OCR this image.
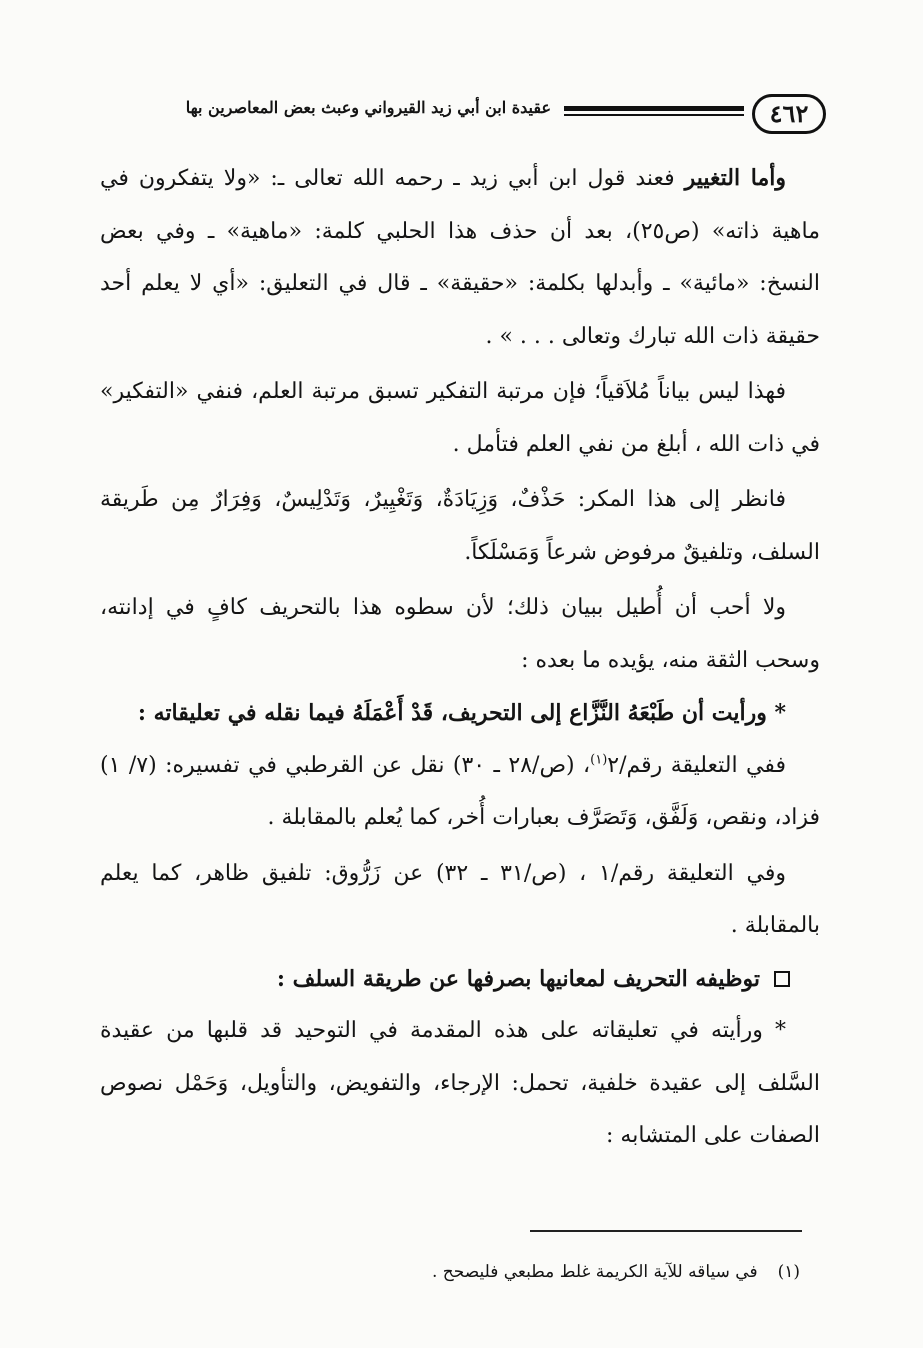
٤٦٢
عقيدة ابن أبي زيد القيرواني وعبث بعض المعاصرين بها

وأما التغيير فعند قول ابن أبي زيد ـ رحمه الله تعالى ـ: «ولا يتفكرون في ماهية ذاته» (ص٢٥)، بعد أن حذف هذا الحلبي كلمة: «ماهية» ـ وفي بعض النسخ: «مائية» ـ وأبدلها بكلمة: «حقيقة» ـ قال في التعليق: «أي لا يعلم أحد حقيقة ذات الله تبارك وتعالى . . . » .

فهذا ليس بياناً مُلاَقياً؛ فإن مرتبة التفكير تسبق مرتبة العلم، فنفي «التفكير» في ذات الله ، أبلغ من نفي العلم فتأمل .

فانظر إلى هذا المكر: حَذْفٌ، وَزِيَادَةٌ، وَتَغْيِيرٌ، وَتَدْلِيسٌ، وَفِرَارٌ مِن طَريقة السلف، وتلفيقٌ مرفوض شرعاً وَمَسْلَكاً.

ولا أحب أن أُطيل ببيان ذلك؛ لأن سطوه هذا بالتحريف كافٍ في إدانته، وسحب الثقة منه، يؤيده ما بعده :

* ورأيت أن طَبْعَهُ النَّزَّاع إلى التحريف، قَدْ أَعْمَلَهُ فيما نقله في تعليقاته :

ففي التعليقة رقم/٢$^{(١)}$، (ص/٢٨ ـ ٣٠) نقل عن القرطبي في تفسيره: (٧/ ١) فزاد، ونقص، وَلَفَّق، وَتَصَرَّف بعبارات أُخر، كما يُعلم بالمقابلة .

وفي التعليقة رقم/١ ، (ص/٣١ ـ ٣٢) عن زَرُّوق: تلفيق ظاهر، كما يعلم بالمقابلة .

توظيفه التحريف لمعانيها بصرفها عن طريقة السلف :

* ورأيته في تعليقاته على هذه المقدمة في التوحيد قد قلبها من عقيدة السَّلف إلى عقيدة خلفية، تحمل: الإرجاء، والتفويض، والتأويل، وَحَمْل نصوص الصفات على المتشابه :

(١)
في سياقه للآية الكريمة غلط مطبعي فليصحح .
